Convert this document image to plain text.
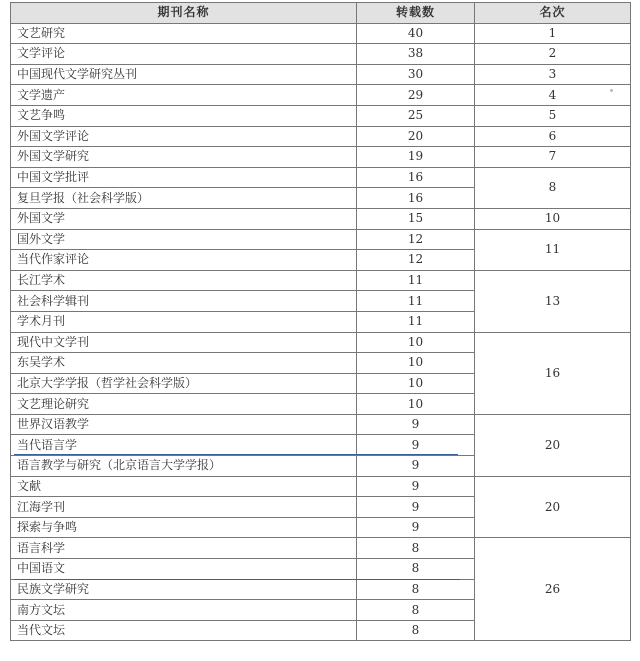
期刊名称	转载数	名次
文艺研究	40	1
文学评论	38	2
中国现代文学研究丛刊	30	3
文学遗产	29	4
文艺争鸣	25	5
外国文学评论	20	6
外国文学研究	19	7
中国文学批评	16	8
复旦学报（社会科学版）	16	
外国文学	15	10
国外文学	12	11
当代作家评论	12	
长江学术	11	13
社会科学辑刊	11	
学术月刊	11	
现代中文学刊	10	16
东吴学术	10	
北京大学学报（哲学社会科学版）	10	
文艺理论研究	10	
世界汉语教学	9	20
当代语言学	9	
语言教学与研究（北京语言大学学报）	9	
文献	9	20
江海学刊	9	
探索与争鸣	9	
语言科学	8	26
中国语文	8	
民族文学研究	8	
南方文坛	8	
当代文坛	8	
